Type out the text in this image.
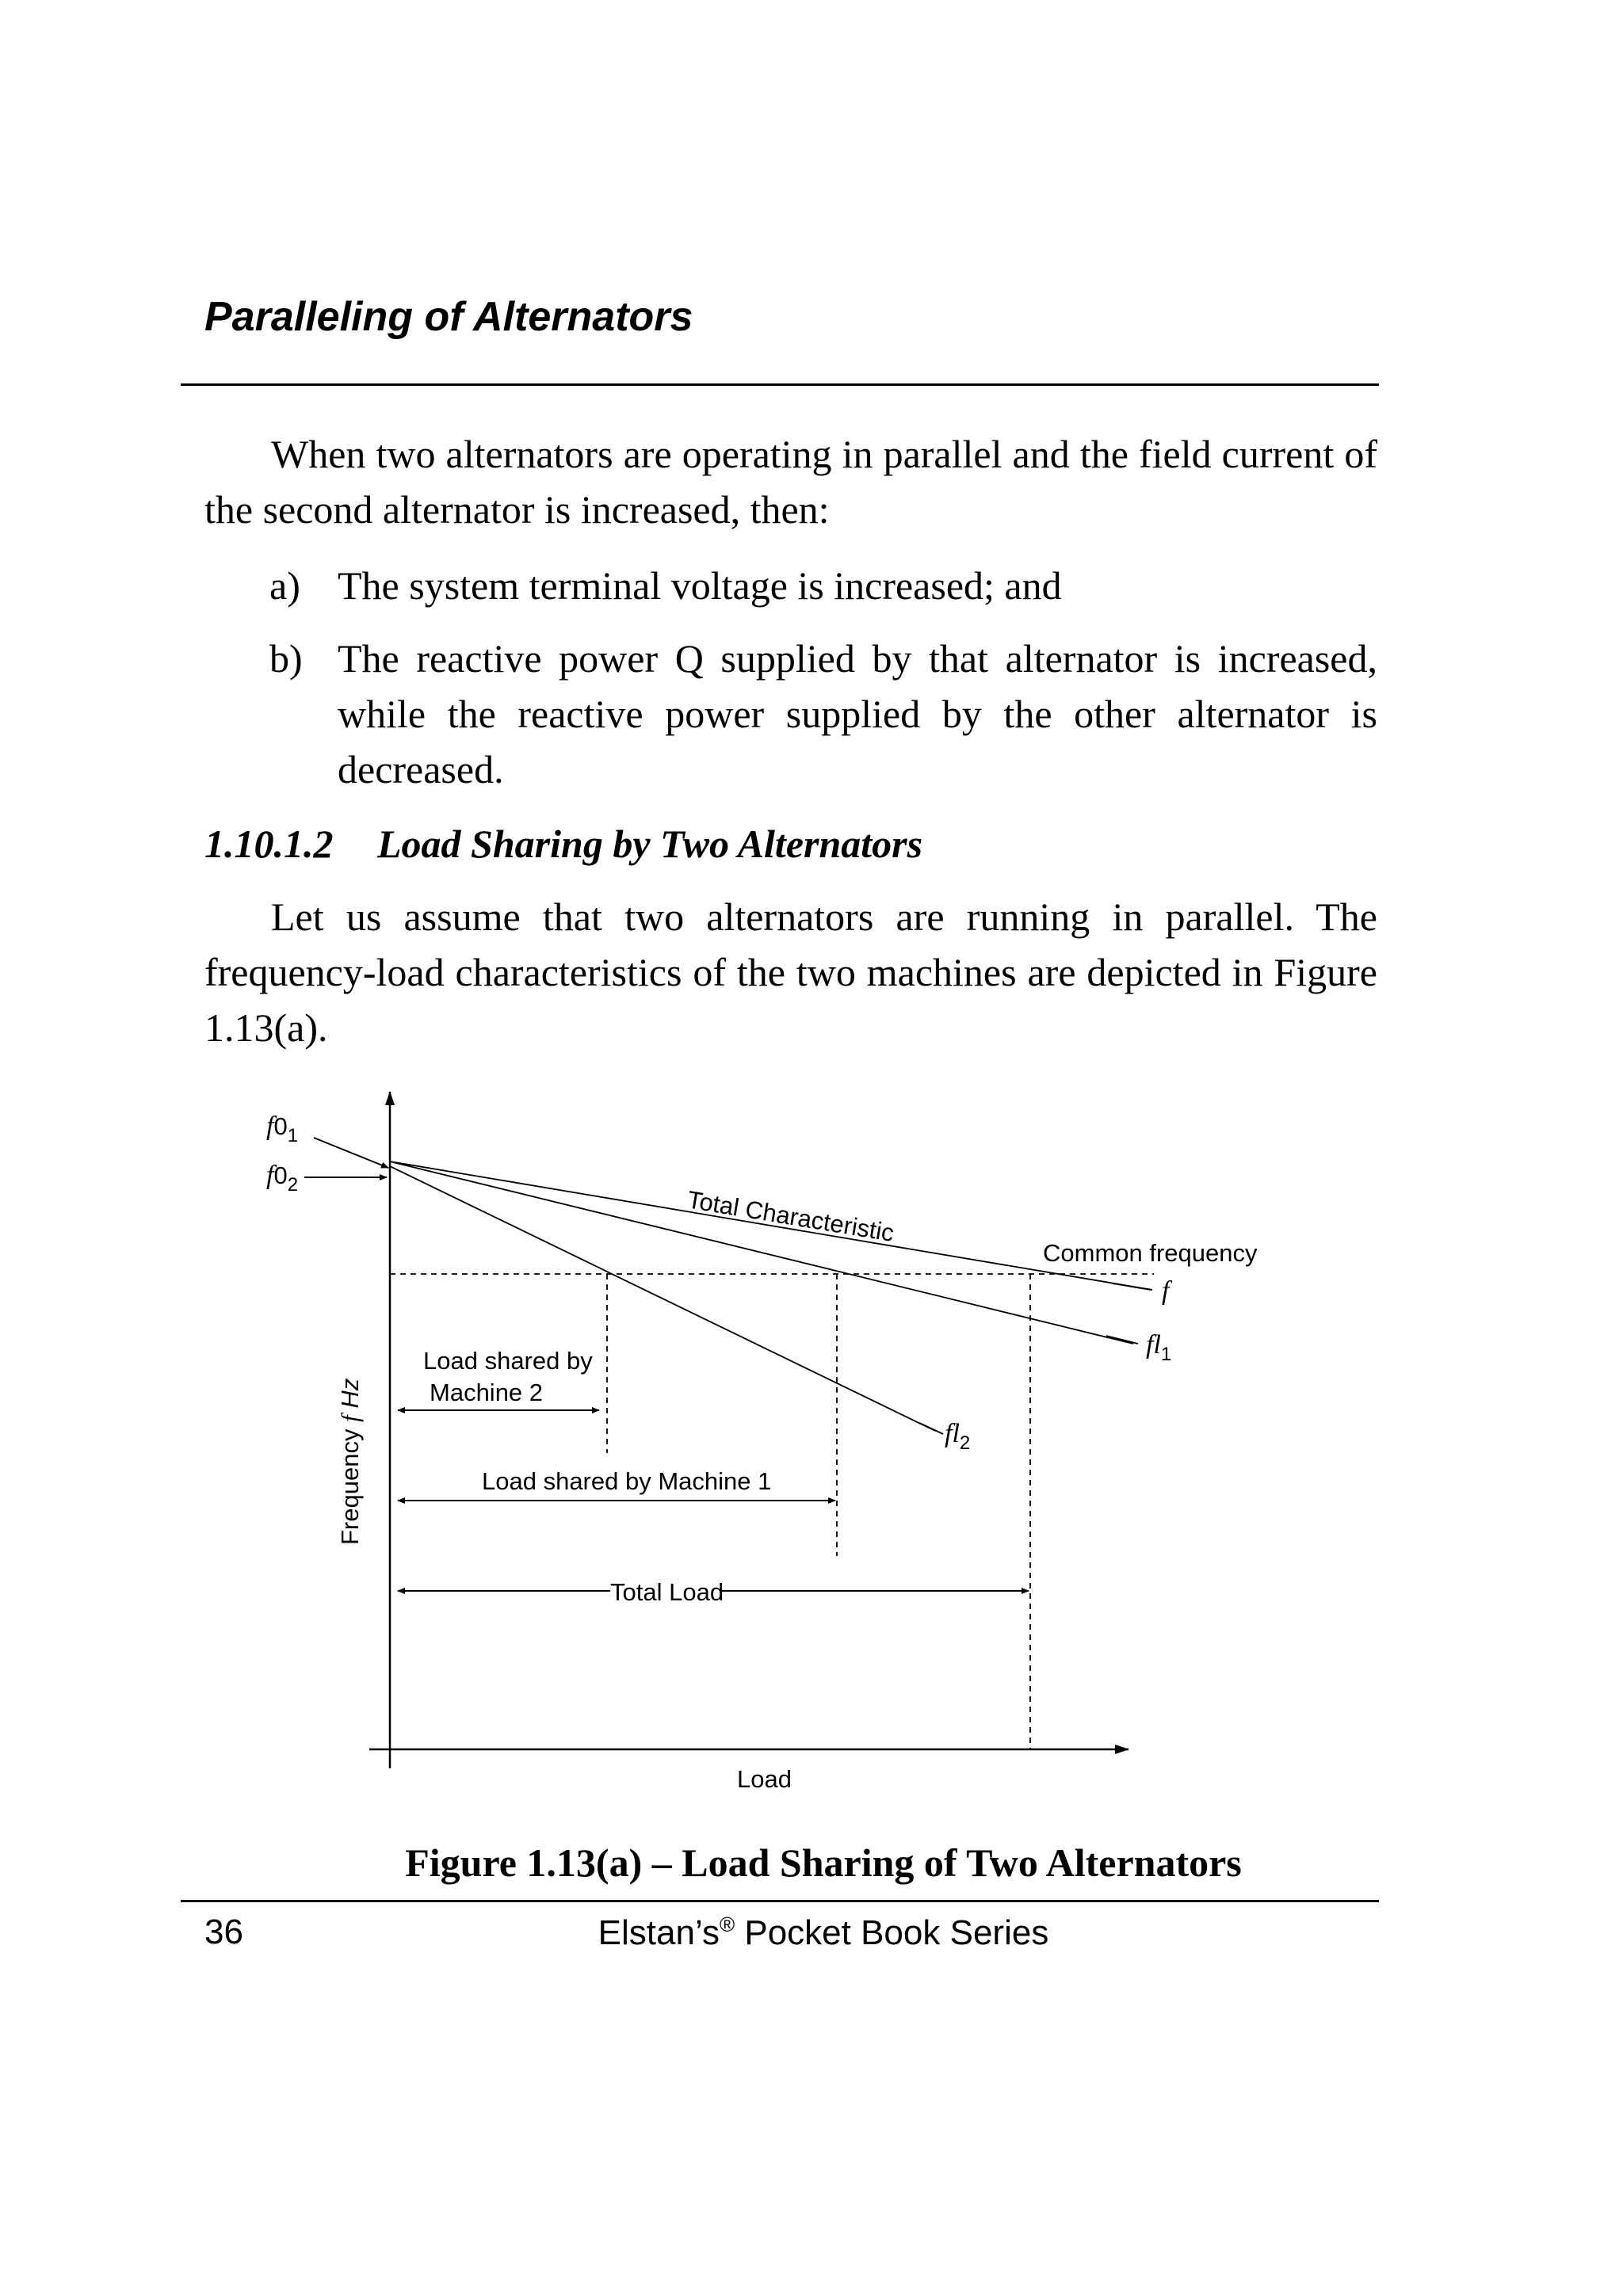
Paralleling of Alternators

When two alternators are operating in parallel and the field current of the second alternator is increased, then:

a) The system terminal voltage is increased; and
b) The reactive power Q supplied by that alternator is increased, while the reactive power supplied by the other alternator is decreased.
1.10.1.2 Load Sharing by Two Alternators

Let us assume that two alternators are running in parallel. The frequency-load characteristics of the two machines are depicted in Figure 1.13(a).

f01
f02
Total Characteristic
Common frequency
f
fl1
fl2
Load shared by
Machine 2
Load shared by Machine 1
Total Load
Frequency f Hz
Load

Figure 1.13(a) – Load Sharing of Two Alternators

36	Elstan’s® Pocket Book Series
